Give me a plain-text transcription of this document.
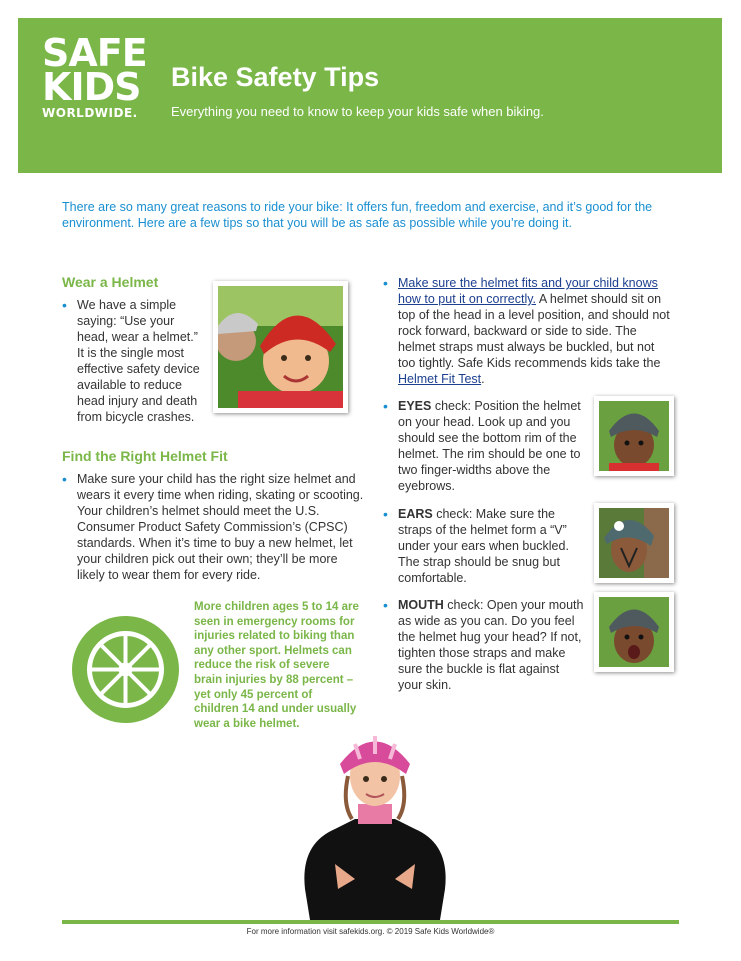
SAFE
KIDS
WORLDWIDE.
Bike Safety Tips
Everything you need to know to keep your kids safe when biking.
There are so many great reasons to ride your bike: It offers fun, freedom and exercise, and it’s good for the environment. Here are a few tips so that you will be as safe as possible while you’re doing it.
Wear a Helmet
• We have a simple saying: “Use your head, wear a helmet.” It is the single most effective safety device available to reduce head injury and death from bicycle crashes.
Find the Right Helmet Fit
• Make sure your child has the right size helmet and wears it every time when riding, skating or scooting. Your children’s helmet should meet the U.S. Consumer Product Safety Commission’s (CPSC) standards. When it’s time to buy a new helmet, let your children pick out their own; they’ll be more likely to wear them for every ride.
More children ages 5 to 14 are seen in emergency rooms for injuries related to biking than any other sport. Helmets can reduce the risk of severe brain injuries by 88 percent – yet only 45 percent of children 14 and under usually wear a bike helmet.
• Make sure the helmet fits and your child knows how to put it on correctly. A helmet should sit on top of the head in a level position, and should not rock forward, backward or side to side. The helmet straps must always be buckled, but not too tightly. Safe Kids recommends kids take the Helmet Fit Test.
• EYES check: Position the helmet on your head. Look up and you should see the bottom rim of the helmet. The rim should be one to two finger-widths above the eyebrows.
• EARS check: Make sure the straps of the helmet form a “V” under your ears when buckled. The strap should be snug but comfortable.
• MOUTH check: Open your mouth as wide as you can. Do you feel the helmet hug your head? If not, tighten those straps and make sure the buckle is flat against your skin.
For more information visit safekids.org. © 2019 Safe Kids Worldwide®
